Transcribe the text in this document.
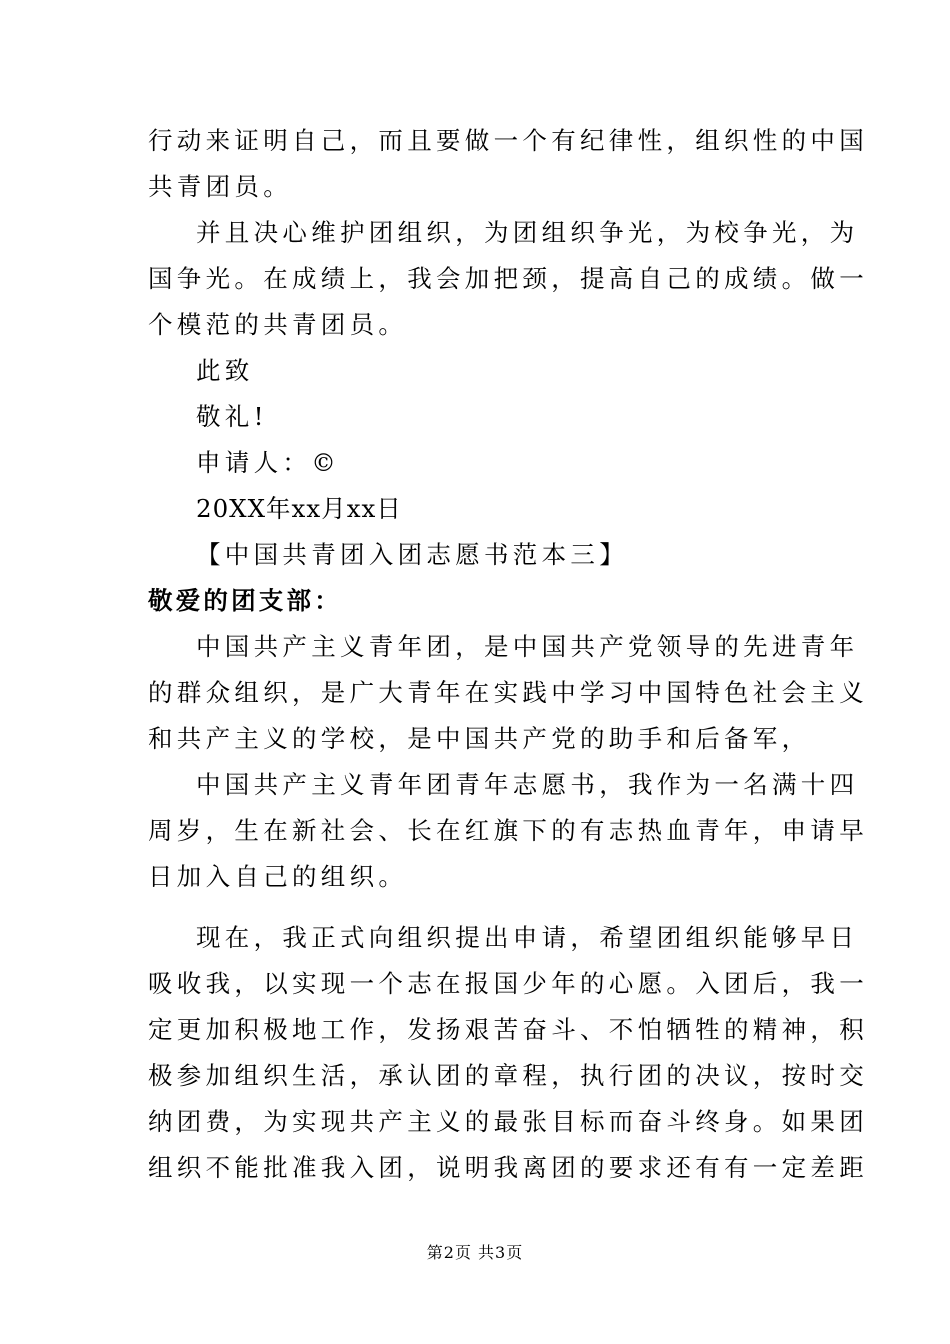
行动来证明自己，而且要做一个有纪律性，组织性的中国
共青团员。
并且决心维护团组织，为团组织争光，为校争光，为
国争光。在成绩上，我会加把颈，提高自己的成绩。做一
个模范的共青团员。
此致
敬礼!
申请人：©
20XX年xx月xx日
【中国共青团入团志愿书范本三】
敬爱的团支部：
中国共产主义青年团，是中国共产党领导的先进青年
的群众组织，是广大青年在实践中学习中国特色社会主义
和共产主义的学校，是中国共产党的助手和后备军，
中国共产主义青年团青年志愿书，我作为一名满十四
周岁，生在新社会、长在红旗下的有志热血青年，申请早
日加入自己的组织。
现在，我正式向组织提出申请，希望团组织能够早日
吸收我，以实现一个志在报国少年的心愿。入团后，我一
定更加积极地工作，发扬艰苦奋斗、不怕牺牲的精神，积
极参加组织生活，承认团的章程，执行团的决议，按时交
纳团费，为实现共产主义的最张目标而奋斗终身。如果团
组织不能批准我入团，说明我离团的要求还有有一定差距
第2页 共3页
